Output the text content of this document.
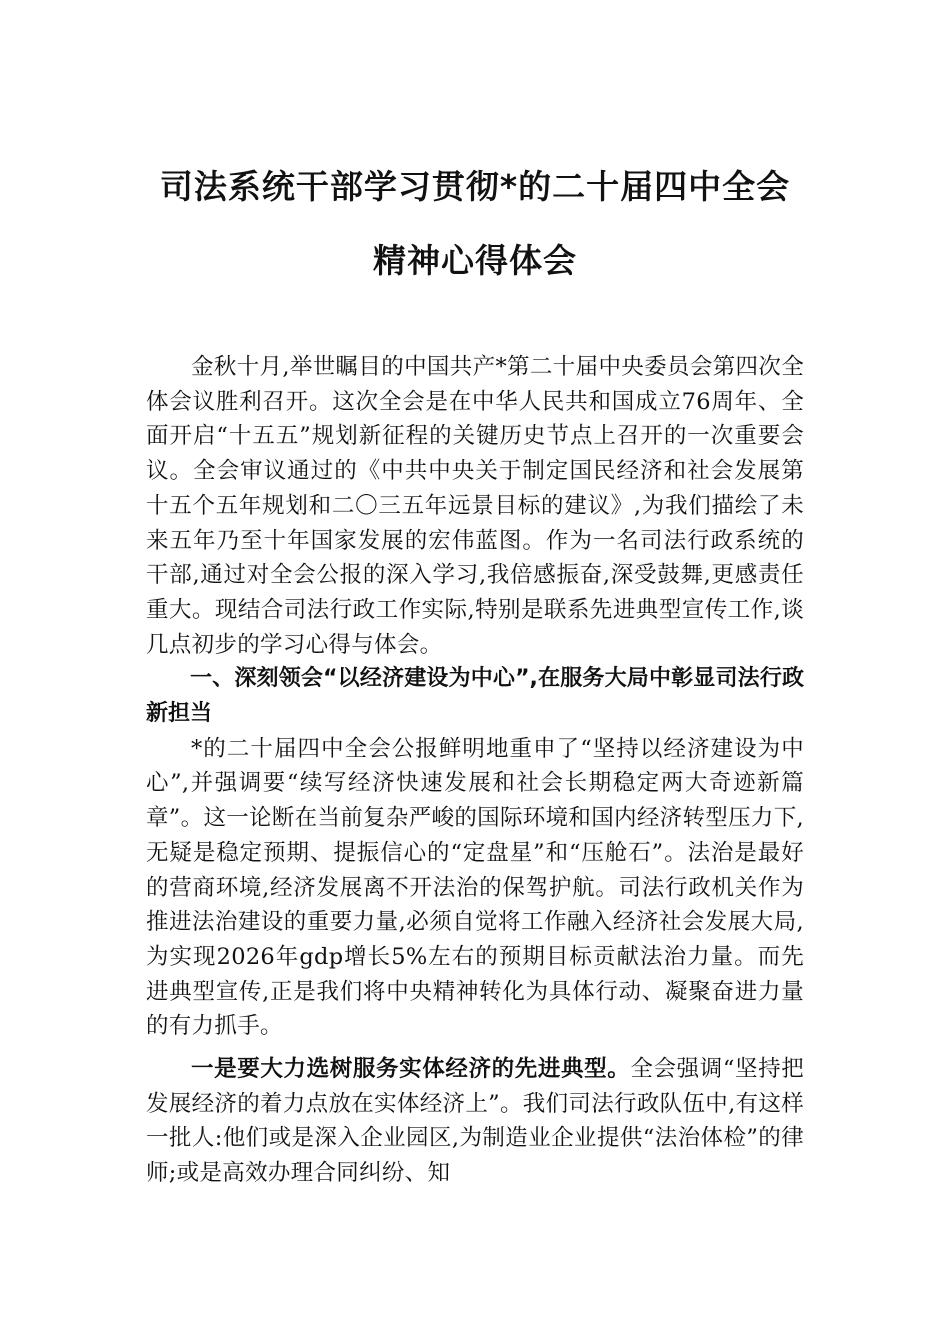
司法系统干部学习贯彻*的二十届四中全会
精神心得体会

金秋十月,举世瞩目的中国共产*第二十届中央委员会第四次全体会议胜利召开。这次全会是在中华人民共和国成立76周年、全面开启“十五五”规划新征程的关键历史节点上召开的一次重要会议。全会审议通过的《中共中央关于制定国民经济和社会发展第十五个五年规划和二〇三五年远景目标的建议》,为我们描绘了未来五年乃至十年国家发展的宏伟蓝图。作为一名司法行政系统的干部,通过对全会公报的深入学习,我倍感振奋,深受鼓舞,更感责任重大。现结合司法行政工作实际,特别是联系先进典型宣传工作,谈几点初步的学习心得与体会。

一、深刻领会“以经济建设为中心”,在服务大局中彰显司法行政新担当

*的二十届四中全会公报鲜明地重申了“坚持以经济建设为中心”,并强调要“续写经济快速发展和社会长期稳定两大奇迹新篇章”。这一论断在当前复杂严峻的国际环境和国内经济转型压力下,无疑是稳定预期、提振信心的“定盘星”和“压舱石”。法治是最好的营商环境,经济发展离不开法治的保驾护航。司法行政机关作为推进法治建设的重要力量,必须自觉将工作融入经济社会发展大局,为实现2026年gdp增长5%左右的预期目标贡献法治力量。而先进典型宣传,正是我们将中央精神转化为具体行动、凝聚奋进力量的有力抓手。

一是要大力选树服务实体经济的先进典型。全会强调“坚持把发展经济的着力点放在实体经济上”。我们司法行政队伍中,有这样一批人:他们或是深入企业园区,为制造业企业提供“法治体检”的律师;或是高效办理合同纠纷、知
